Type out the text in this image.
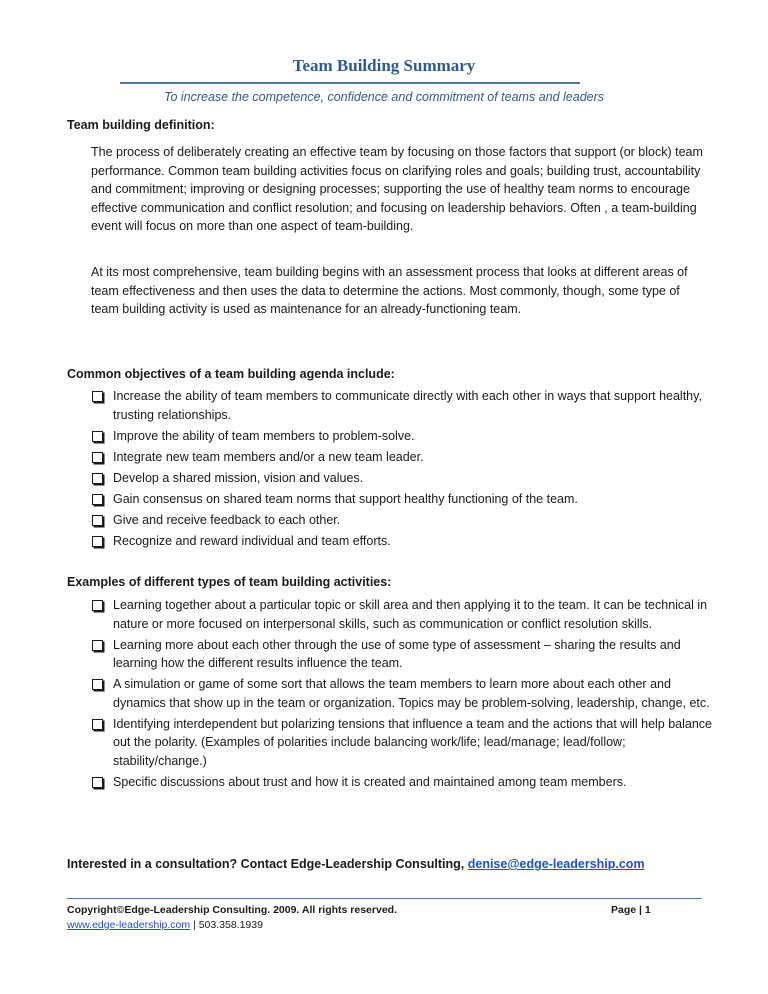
Team Building Summary
To increase the competence, confidence and commitment of teams and leaders
Team building definition:

The process of deliberately creating an effective team by focusing on those factors that support (or block) team performance. Common team building activities focus on clarifying roles and goals; building trust, accountability and commitment; improving or designing processes; supporting the use of healthy team norms to encourage effective communication and conflict resolution; and focusing on leadership behaviors. Often , a team-building event will focus on more than one aspect of team-building.

At its most comprehensive, team building begins with an assessment process that looks at different areas of team effectiveness and then uses the data to determine the actions. Most commonly, though, some type of team building activity is used as maintenance for an already-functioning team.

Common objectives of a team building agenda include:
Increase the ability of team members to communicate directly with each other in ways that support healthy, trusting relationships.
Improve the ability of team members to problem-solve.
Integrate new team members and/or a new team leader.
Develop a shared mission, vision and values.
Gain consensus on shared team norms that support healthy functioning of the team.
Give and receive feedback to each other.
Recognize and reward individual and team efforts.
Examples of different types of team building activities:
Learning together about a particular topic or skill area and then applying it to the team. It can be technical in nature or more focused on interpersonal skills, such as communication or conflict resolution skills.
Learning more about each other through the use of some type of assessment – sharing the results and learning how the different results influence the team.
A simulation or game of some sort that allows the team members to learn more about each other and dynamics that show up in the team or organization. Topics may be problem-solving, leadership, change, etc.
Identifying interdependent but polarizing tensions that influence a team and the actions that will help balance out the polarity. (Examples of polarities include balancing work/life; lead/manage; lead/follow; stability/change.)
Specific discussions about trust and how it is created and maintained among team members.

Interested in a consultation? Contact Edge-Leadership Consulting, denise@edge-leadership.com

Copyright©Edge-Leadership Consulting. 2009. All rights reserved.	Page | 1
www.edge-leadership.com | 503.358.1939
